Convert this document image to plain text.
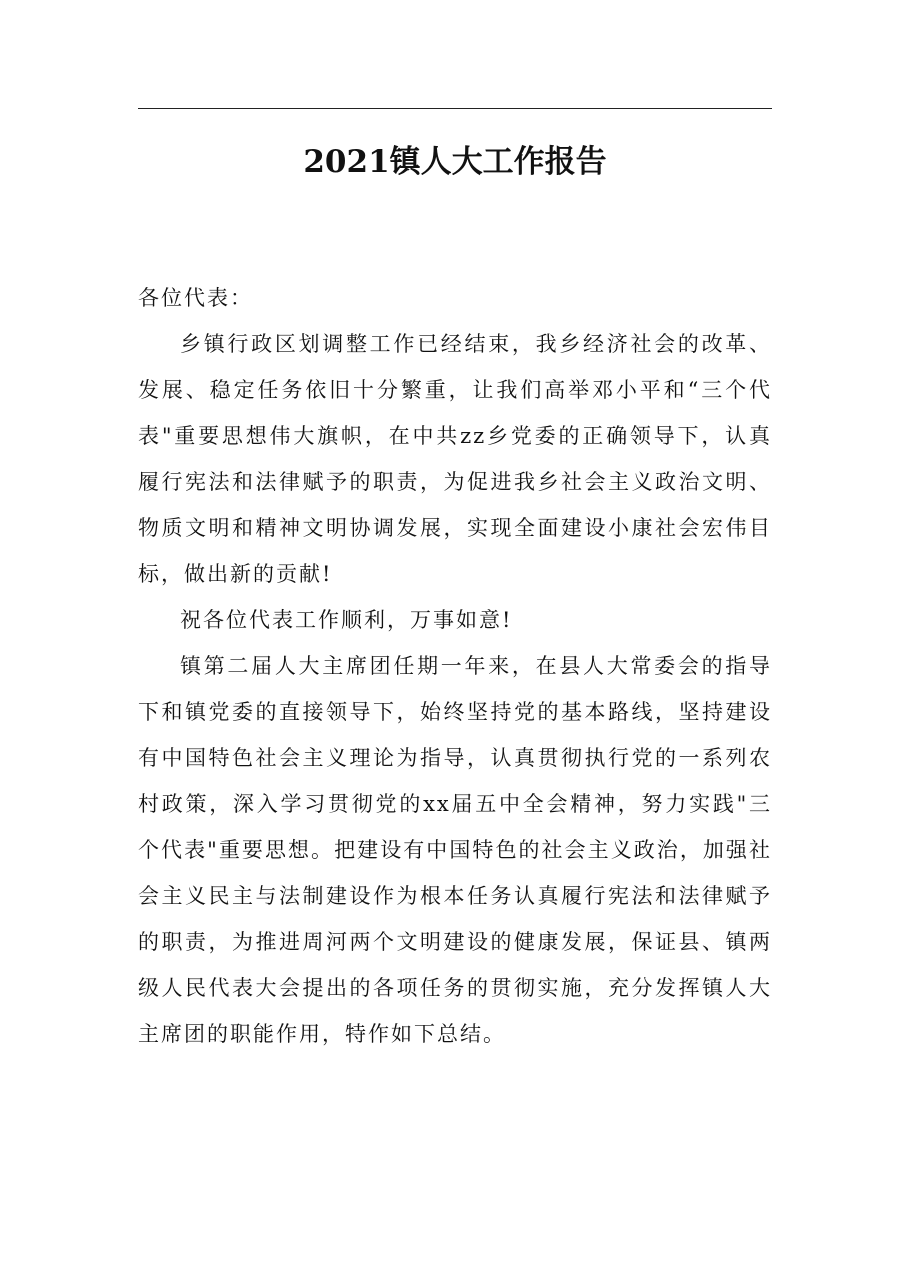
2021镇人大工作报告

各位代表：

乡镇行政区划调整工作已经结束，我乡经济社会的改革、发展、稳定任务依旧十分繁重，让我们高举邓小平和“三个代表"重要思想伟大旗帜，在中共zz乡党委的正确领导下，认真履行宪法和法律赋予的职责，为促进我乡社会主义政治文明、物质文明和精神文明协调发展，实现全面建设小康社会宏伟目标，做出新的贡献!

祝各位代表工作顺利，万事如意!

镇第二届人大主席团任期一年来，在县人大常委会的指导下和镇党委的直接领导下，始终坚持党的基本路线，坚持建设有中国特色社会主义理论为指导，认真贯彻执行党的一系列农村政策，深入学习贯彻党的xx届五中全会精神，努力实践"三个代表"重要思想。把建设有中国特色的社会主义政治，加强社会主义民主与法制建设作为根本任务认真履行宪法和法律赋予的职责，为推进周河两个文明建设的健康发展，保证县、镇两级人民代表大会提出的各项任务的贯彻实施，充分发挥镇人大主席团的职能作用，特作如下总结。
